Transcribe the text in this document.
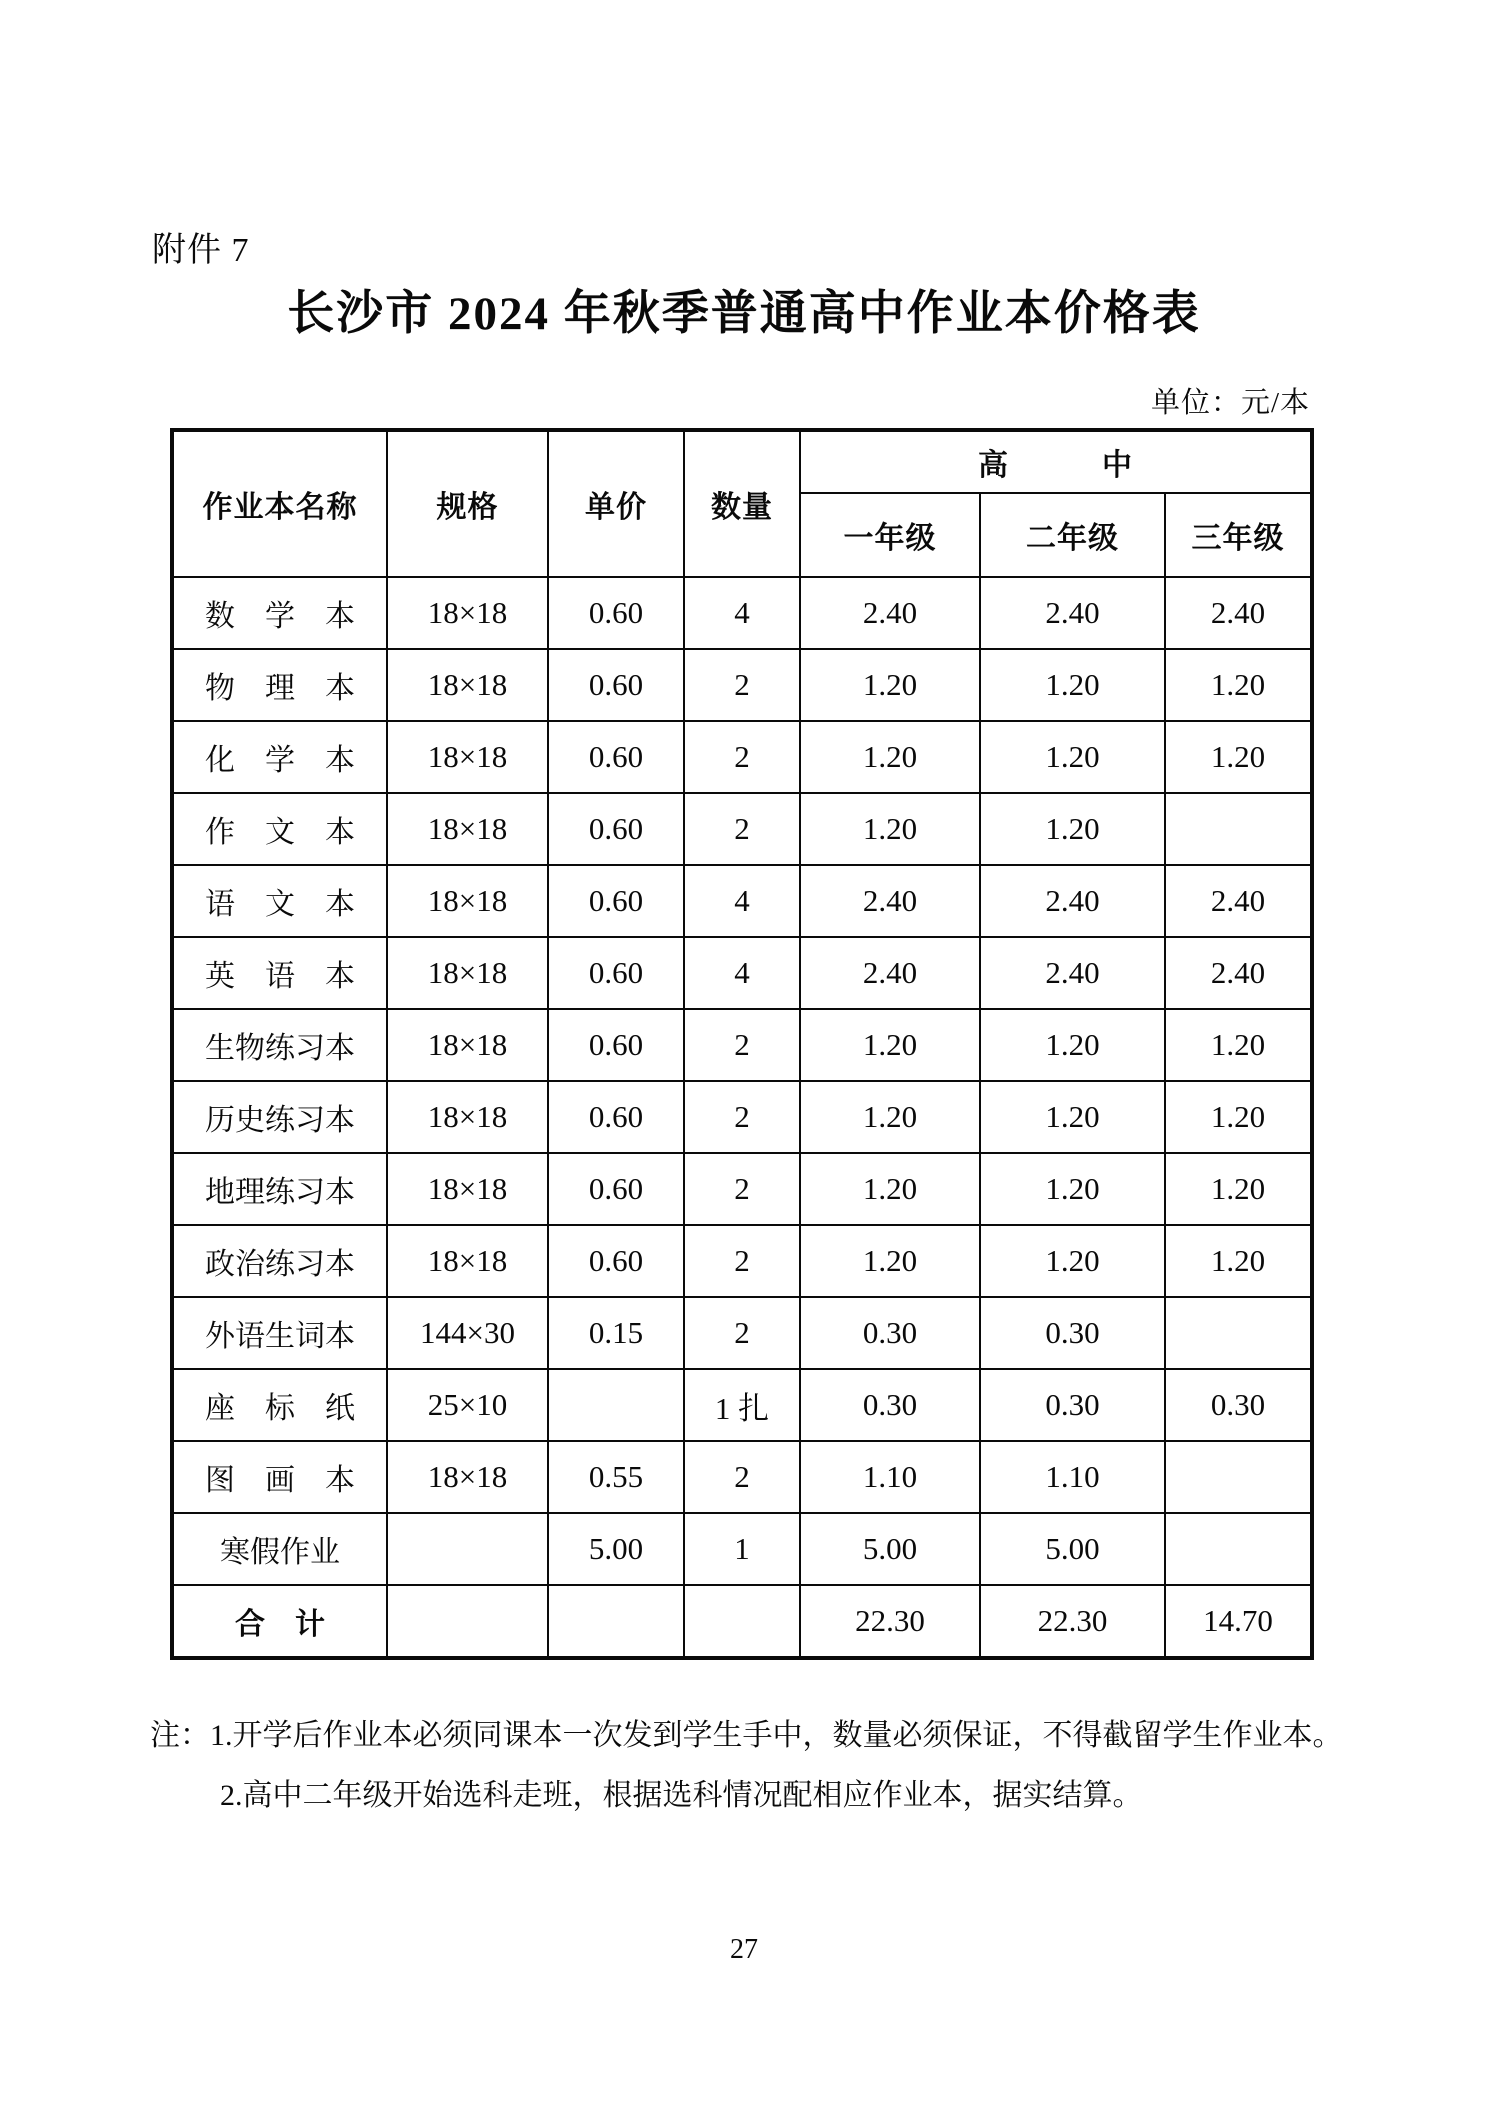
附件 7
长沙市 2024 年秋季普通高中作业本价格表
单位：元/本
作业本名称	规格	单价	数量	高　　　中		
				一年级	二年级	三年级
数　学　本	18×18	0.60	4	2.40	2.40	2.40
物　理　本	18×18	0.60	2	1.20	1.20	1.20
化　学　本	18×18	0.60	2	1.20	1.20	1.20
作　文　本	18×18	0.60	2	1.20	1.20	
语　文　本	18×18	0.60	4	2.40	2.40	2.40
英　语　本	18×18	0.60	4	2.40	2.40	2.40
生物练习本	18×18	0.60	2	1.20	1.20	1.20
历史练习本	18×18	0.60	2	1.20	1.20	1.20
地理练习本	18×18	0.60	2	1.20	1.20	1.20
政治练习本	18×18	0.60	2	1.20	1.20	1.20
外语生词本	144×30	0.15	2	0.30	0.30	
座　标　纸	25×10		1 扎	0.30	0.30	0.30
图　画　本	18×18	0.55	2	1.10	1.10	
寒假作业		5.00	1	5.00	5.00	
合　计				22.30	22.30	14.70
注：1.开学后作业本必须同课本一次发到学生手中，数量必须保证，不得截留学生作业本。
2.高中二年级开始选科走班，根据选科情况配相应作业本，据实结算。
27
